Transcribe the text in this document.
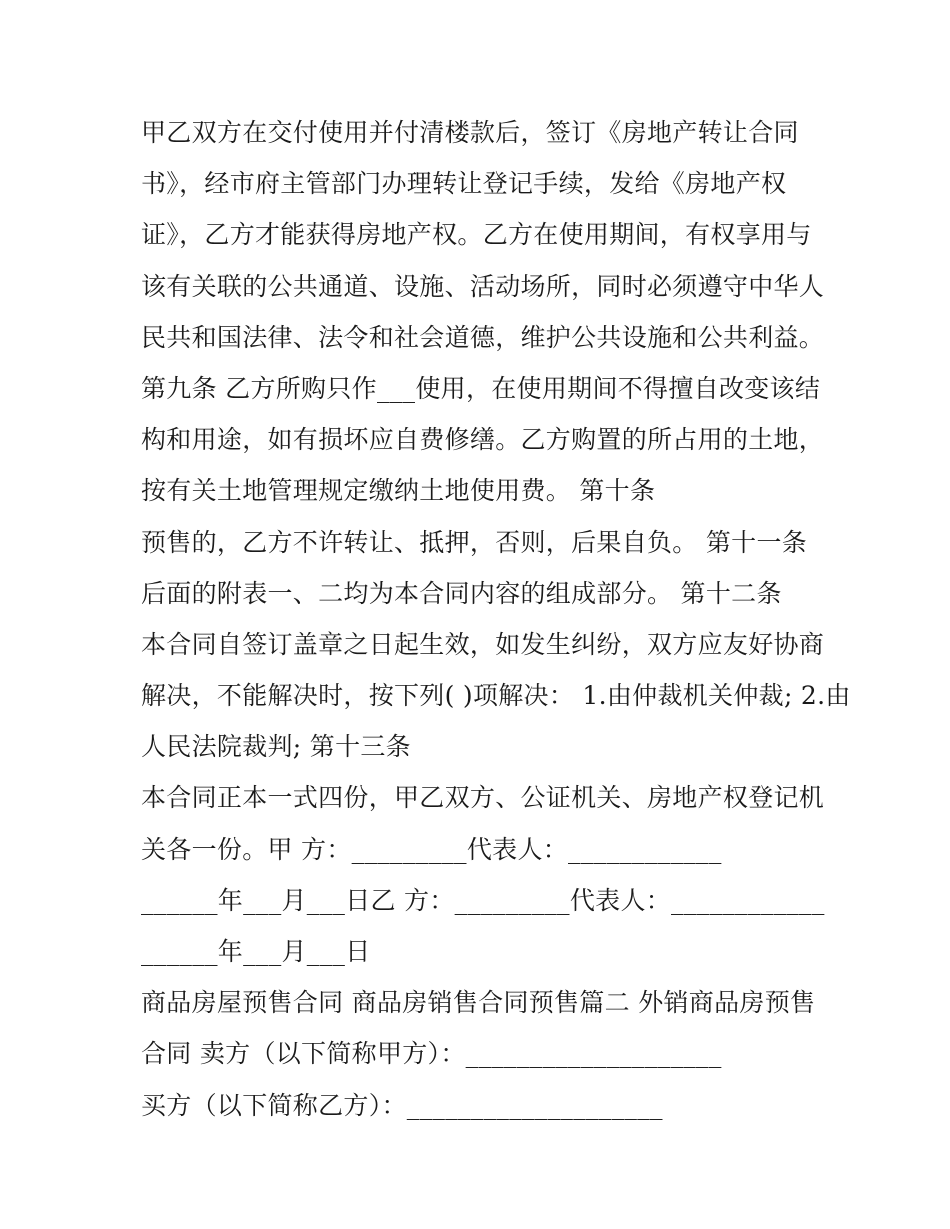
甲乙双方在交付使用并付清楼款后，签订《房地产转让合同
书》，经市府主管部门办理转让登记手续，发给《房地产权
证》，乙方才能获得房地产权。乙方在使用期间，有权享用与
该有关联的公共通道、设施、活动场所，同时必须遵守中华人
民共和国法律、法令和社会道德，维护公共设施和公共利益。
第九条 乙方所购只作___使用，在使用期间不得擅自改变该结
构和用途，如有损坏应自费修缮。乙方购置的所占用的土地，
按有关土地管理规定缴纳土地使用费。 第十条
预售的，乙方不许转让、抵押，否则，后果自负。 第十一条
后面的附表一、二均为本合同内容的组成部分。 第十二条
本合同自签订盖章之日起生效，如发生纠纷，双方应友好协商
解决，不能解决时，按下列( )项解决： 1.由仲裁机关仲裁; 2.由
人民法院裁判; 第十三条
本合同正本一式四份，甲乙双方、公证机关、房地产权登记机
关各一份。甲 方：_________代表人：____________
______年___月___日乙 方：_________代表人：____________
______年___月___日
商品房屋预售合同 商品房销售合同预售篇二 外销商品房预售
合同 卖方（以下简称甲方）：____________________
买方（以下简称乙方）：____________________
